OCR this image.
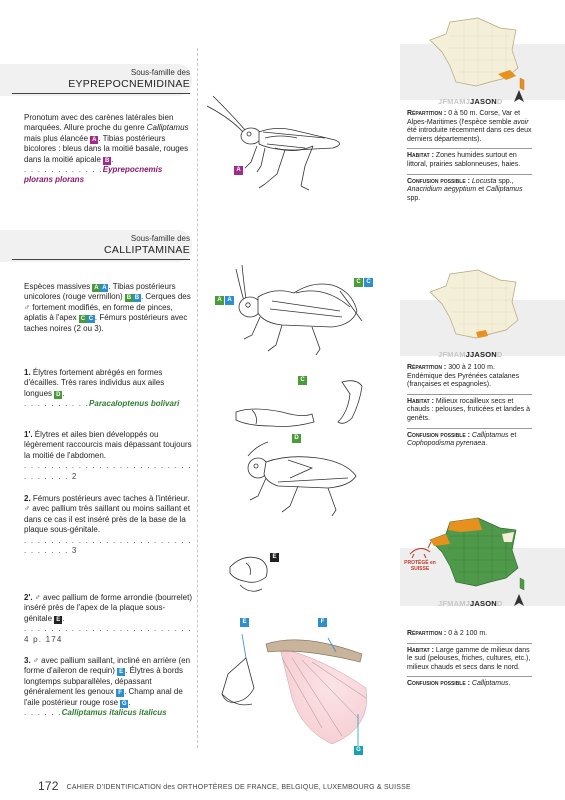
Sous-famille des
EYPREPOCNEMIDINAE
Pronotum avec des carènes latérales bien marquées. Allure proche du genre Calliptamus mais plus élancée A . Tibias postérieurs bicolores : bleus dans la moitié basale, rouges dans la moitié apicale B .
. . . . . . . . . . . .Eyprepocnemis plorans plorans
A
Sous-famille des
CALLIPTAMINAE
Espèces massives A A . Tibias postérieurs unicolores (rouge vermillon) B B . Cerques des ♂ fortement modifiés, en forme de pinces, aplatis à l'apex C C . Fémurs postérieurs avec taches noires (2 ou 3).
1. Élytres fortement abrégés en formes d'écailles. Très rares individus aux ailes longues D .
. . . . . . . . . .Paracaloptenus bolivari
1'. Élytres et ailes bien développés ou légèrement raccourcis mais dépassant toujours la moitié de l'abdomen.
. . . . . . . . . . . . . . . . . . . . . . . . . . . . . . . . 2
2. Fémurs postérieurs avec taches à l'intérieur.
♂ avec pallium très saillant ou moins saillant et dans ce cas il est inséré près de la base de la plaque sous-génitale.
. . . . . . . . . . . . . . . . . . . . . . . . . . . . . . . . 3
2'. ♂ avec pallium de forme arrondie (bourrelet) inséré près de l'apex de la plaque sous-génitale E .
. . . . . . . . . . . . . . . . . . . . . . . . . 4 p. 174
3. ♂ avec pallium saillant, incliné en arrière (en forme d'aileron de requin) E . Élytres à bords longtemps subparallèles, dépassant généralement les genoux F . Champ anal de l'aile postérieur rouge rose G .
. . . . . .Calliptamus italicus italicus
A A
C C
C
D
E
E	F
G
JFMAMJJASOND
Répartition : 0 à 50 m. Corse, Var et Alpes-Maritimes (l'espèce semble avoir été introduite récemment dans ces deux derniers départements).
Habitat : Zones humides surtout en littoral, prairies sablonneuses, haies.
Confusion possible : Locusta spp., Anacridium aegyptium et Calliptamus spp.
JFMAMJJASOND
Répartition : 300 à 2 100 m. Endémique des Pyrénées catalanes (françaises et espagnoles).
Habitat : Milieux rocailleux secs et chauds : pelouses, fruticées et landes à genêts.
Confusion possible : Calliptamus et Cophopodisma pyrenaea.
PROTÉGÉ en SUISSE
JFMAMJJASOND
Répartition : 0 à 2 100 m.
Habitat : Large gamme de milieux dans le sud (pelouses, friches, cultures, etc.), milieux chauds et secs dans le nord.
Confusion possible : Calliptamus.
172 CAHIER D'IDENTIFICATION des ORTHOPTÈRES DE FRANCE, BELGIQUE, LUXEMBOURG & SUISSE
